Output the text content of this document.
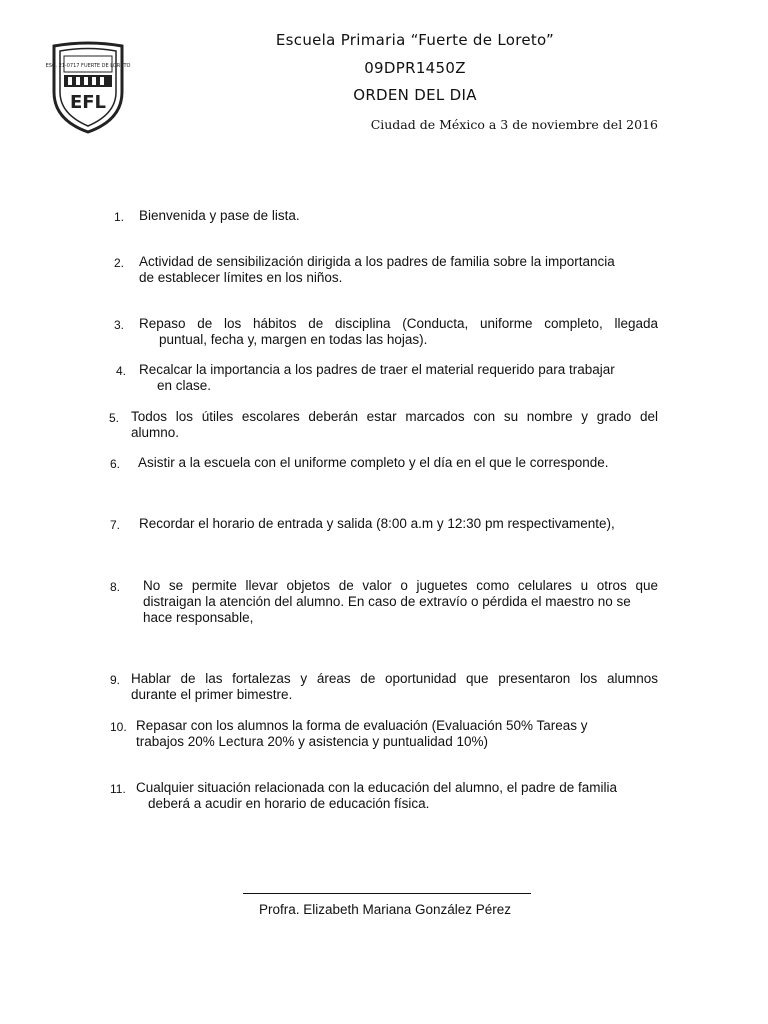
ESC. 21-0717 FUERTE DE LORETO
EFL
Escuela Primaria “Fuerte de Loreto”
09DPR1450Z
ORDEN DEL DIA
Ciudad de México a 3 de noviembre del 2016
1. Bienvenida y pase de lista.
2. Actividad de sensibilización dirigida a los padres de familia sobre la importancia
de establecer límites en los niños.
3. Repaso de los hábitos de disciplina (Conducta, uniforme completo, llegada
puntual, fecha y, margen en todas las hojas).
4. Recalcar la importancia a los padres de traer el material requerido para trabajar
en clase.
5. Todos los útiles escolares deberán estar marcados con su nombre y grado del
alumno.
6. Asistir a la escuela con el uniforme completo y el día en el que le corresponde.
7. Recordar el horario de entrada y salida (8:00 a.m y 12:30 pm respectivamente),
8. No se permite llevar objetos de valor o juguetes como celulares u otros que
distraigan la atención del alumno. En caso de extravío o pérdida el maestro no se
hace responsable,
9. Hablar de las fortalezas y áreas de oportunidad que presentaron los alumnos
durante el primer bimestre.
10. Repasar con los alumnos la forma de evaluación (Evaluación 50% Tareas y
trabajos 20% Lectura 20% y asistencia y puntualidad 10%)
11. Cualquier situación relacionada con la educación del alumno, el padre de familia
deberá a acudir en horario de educación física.
Profra. Elizabeth Mariana González Pérez
